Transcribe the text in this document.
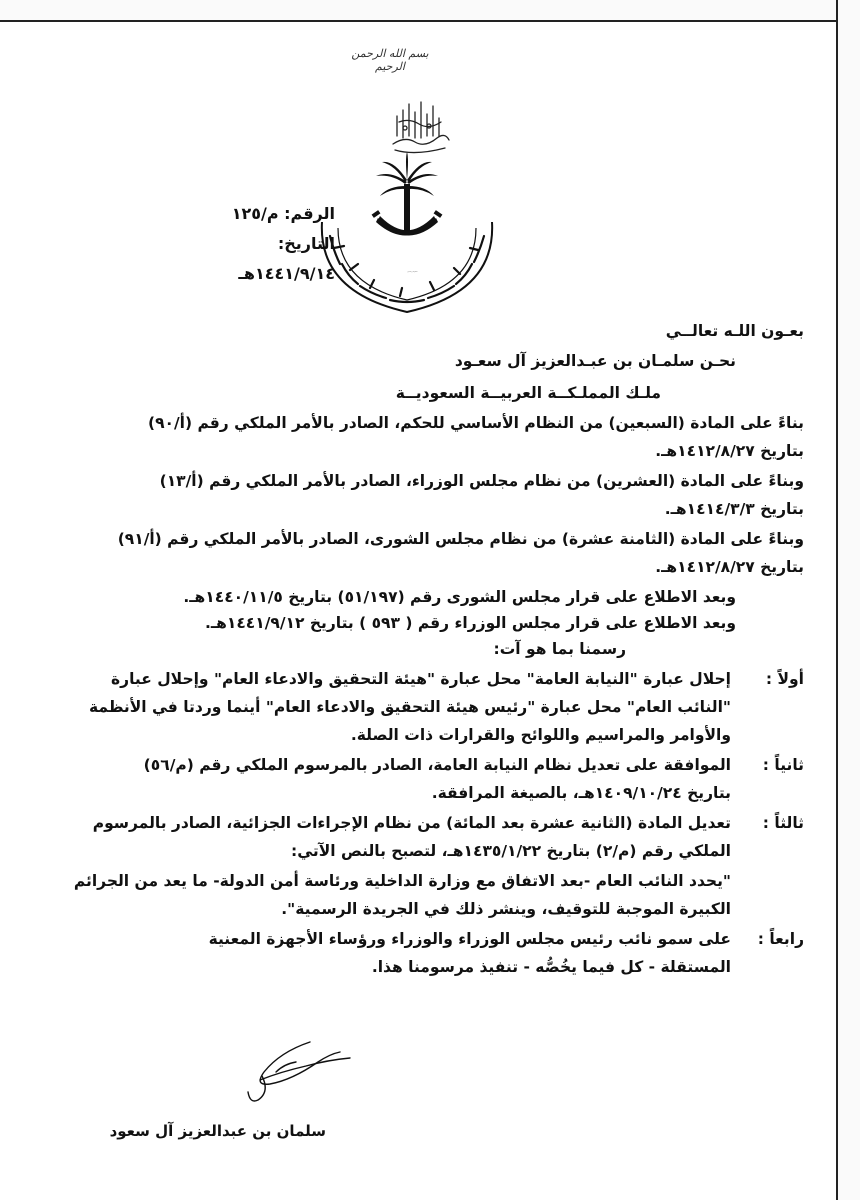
بسم الله الرحمن الرحيم
المملكة العربية السعودية
الرقم: م/١٢٥
التاريخ: ١٤٤١/٩/١٤هـ
بعـون اللـه تعالــي
نحـن سلمـان بن عبـدالعزيز آل سعـود
ملـك المملـكــة العربيــة السعوديــة
بناءً على المادة (السبعين) من النظام الأساسي للحكم، الصادر بالأمر الملكي رقم (أ/٩٠)
بتاريخ ١٤١٢/٨/٢٧هـ.
وبناءً على المادة (العشرين) من نظام مجلس الوزراء، الصادر بالأمر الملكي رقم (أ/١٣)
بتاريخ ١٤١٤/٣/٣هـ.
وبناءً على المادة (الثامنة عشرة) من نظام مجلس الشورى، الصادر بالأمر الملكي رقم (أ/٩١)
بتاريخ ١٤١٢/٨/٢٧هـ.
وبعد الاطلاع على قرار مجلس الشورى رقم (٥١/١٩٧) بتاريخ ١٤٤٠/١١/٥هـ.
وبعد الاطلاع على قرار مجلس الوزراء رقم ( ٥٩٣ ) بتاريخ ١٤٤١/٩/١٢هـ.
رسمنا بما هو آت:
أولاً :
إحلال عبارة "النيابة العامة" محل عبارة "هيئة التحقيق والادعاء العام" وإحلال عبارة
"النائب العام" محل عبارة "رئيس هيئة التحقيق والادعاء العام" أينما وردتا في الأنظمة
والأوامر والمراسيم واللوائح والقرارات ذات الصلة.
ثانياً :
الموافقة على تعديل نظام النيابة العامة، الصادر بالمرسوم الملكي رقم (م/٥٦)
بتاريخ ١٤٠٩/١٠/٢٤هـ، بالصيغة المرافقة.
ثالثاً :
تعديل المادة (الثانية عشرة بعد المائة) من نظام الإجراءات الجزائية، الصادر بالمرسوم
الملكي رقم (م/٢) بتاريخ ١٤٣٥/١/٢٢هـ، لتصبح بالنص الآتي:
"يحدد النائب العام -بعد الاتفاق مع وزارة الداخلية ورئاسة أمن الدولة- ما يعد من الجرائم
الكبيرة الموجبة للتوقيف، وينشر ذلك في الجريدة الرسمية".
رابعاً :
على سمو نائب رئيس مجلس الوزراء والوزراء ورؤساء الأجهزة المعنية
المستقلة - كل فيما يخُصُّه - تنفيذ مرسومنا هذا.
سلمان بن عبدالعزيز آل سعود
